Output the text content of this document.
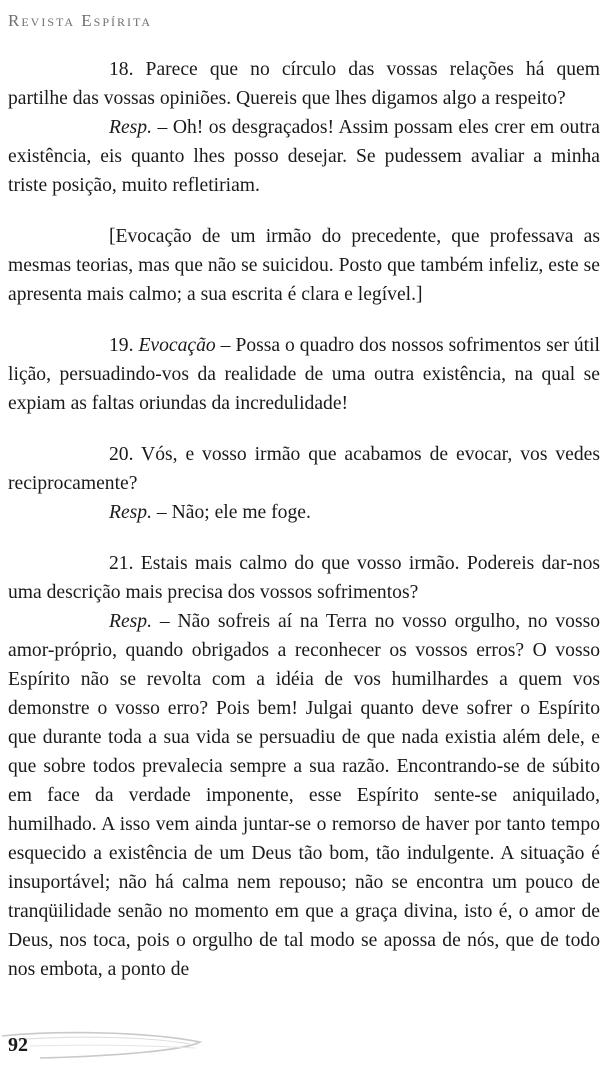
Revista Espírita

18. Parece que no círculo das vossas relações há quem partilhe das vossas opiniões. Quereis que lhes digamos algo a respeito?

Resp. – Oh! os desgraçados! Assim possam eles crer em outra existência, eis quanto lhes posso desejar. Se pudessem avaliar a minha triste posição, muito refletiriam.

[Evocação de um irmão do precedente, que professava as mesmas teorias, mas que não se suicidou. Posto que também infeliz, este se apresenta mais calmo; a sua escrita é clara e legível.]

19. Evocação – Possa o quadro dos nossos sofrimentos ser útil lição, persuadindo-vos da realidade de uma outra existência, na qual se expiam as faltas oriundas da incredulidade!

20. Vós, e vosso irmão que acabamos de evocar, vos vedes reciprocamente?

Resp. – Não; ele me foge.

21. Estais mais calmo do que vosso irmão. Podereis dar-nos uma descrição mais precisa dos vossos sofrimentos?

Resp. – Não sofreis aí na Terra no vosso orgulho, no vosso amor-próprio, quando obrigados a reconhecer os vossos erros? O vosso Espírito não se revolta com a idéia de vos humilhardes a quem vos demonstre o vosso erro? Pois bem! Julgai quanto deve sofrer o Espírito que durante toda a sua vida se persuadiu de que nada existia além dele, e que sobre todos prevalecia sempre a sua razão. Encontrando-se de súbito em face da verdade imponente, esse Espírito sente-se aniquilado, humilhado. A isso vem ainda juntar-se o remorso de haver por tanto tempo esquecido a existência de um Deus tão bom, tão indulgente. A situação é insuportável; não há calma nem repouso; não se encontra um pouco de tranqüilidade senão no momento em que a graça divina, isto é, o amor de Deus, nos toca, pois o orgulho de tal modo se apossa de nós, que de todo nos embota, a ponto de

92
